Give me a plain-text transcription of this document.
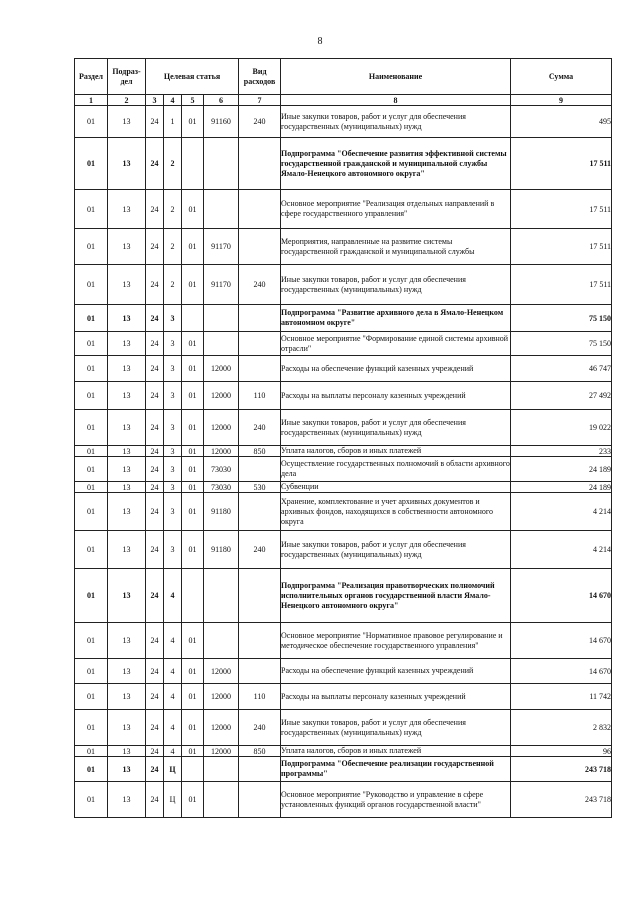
8
Раздел	Подраз-дел	Целевая статья				Вид расходов	Наименование	Сумма
1	2	3	4	5	6	7	8	9
01	13	24	1	01	91160	240	Иные закупки товаров, работ и услуг для обеспечения государственных (муниципальных) нужд	495
01	13	24	2				Подпрограмма "Обеспечение развития эффективной системы государственной гражданской и муниципальной службы Ямало-Ненецкого автономного округа"	17 511
01	13	24	2	01			Основное мероприятие "Реализация отдельных направлений в сфере государственного управления"	17 511
01	13	24	2	01	91170		Мероприятия, направленные на развитие системы государственной гражданской и муниципальной службы	17 511
01	13	24	2	01	91170	240	Иные закупки товаров, работ и услуг для обеспечения государственных (муниципальных) нужд	17 511
01	13	24	3				Подпрограмма "Развитие архивного дела в Ямало-Ненецком автономном округе"	75 150
01	13	24	3	01			Основное мероприятие "Формирование единой системы архивной отрасли"	75 150
01	13	24	3	01	12000		Расходы на обеспечение функций казенных учреждений	46 747
01	13	24	3	01	12000	110	Расходы на выплаты персоналу казенных учреждений	27 492
01	13	24	3	01	12000	240	Иные закупки товаров, работ и услуг для обеспечения государственных (муниципальных) нужд	19 022
01	13	24	3	01	12000	850	Уплата налогов, сборов и иных платежей	233
01	13	24	3	01	73030		Осуществление государственных полномочий в области архивного дела	24 189
01	13	24	3	01	73030	530	Субвенции	24 189
01	13	24	3	01	91180		Хранение, комплектование и учет архивных документов и архивных фондов, находящихся в собственности автономного округа	4 214
01	13	24	3	01	91180	240	Иные закупки товаров, работ и услуг для обеспечения государственных (муниципальных) нужд	4 214
01	13	24	4				Подпрограмма "Реализация правотворческих полномочий исполнительных органов государственной власти Ямало-Ненецкого автономного округа"	14 670
01	13	24	4	01			Основное мероприятие "Нормативное правовое регулирование и методическое обеспечение государственного управления"	14 670
01	13	24	4	01	12000		Расходы на обеспечение функций казенных учреждений	14 670
01	13	24	4	01	12000	110	Расходы на выплаты персоналу казенных учреждений	11 742
01	13	24	4	01	12000	240	Иные закупки товаров, работ и услуг для обеспечения государственных (муниципальных) нужд	2 832
01	13	24	4	01	12000	850	Уплата налогов, сборов и иных платежей	96
01	13	24	Ц				Подпрограмма "Обеспечение реализации государственной программы"	243 718
01	13	24	Ц	01			Основное мероприятие "Руководство и управление в сфере установленных функций органов государственной власти"	243 718
